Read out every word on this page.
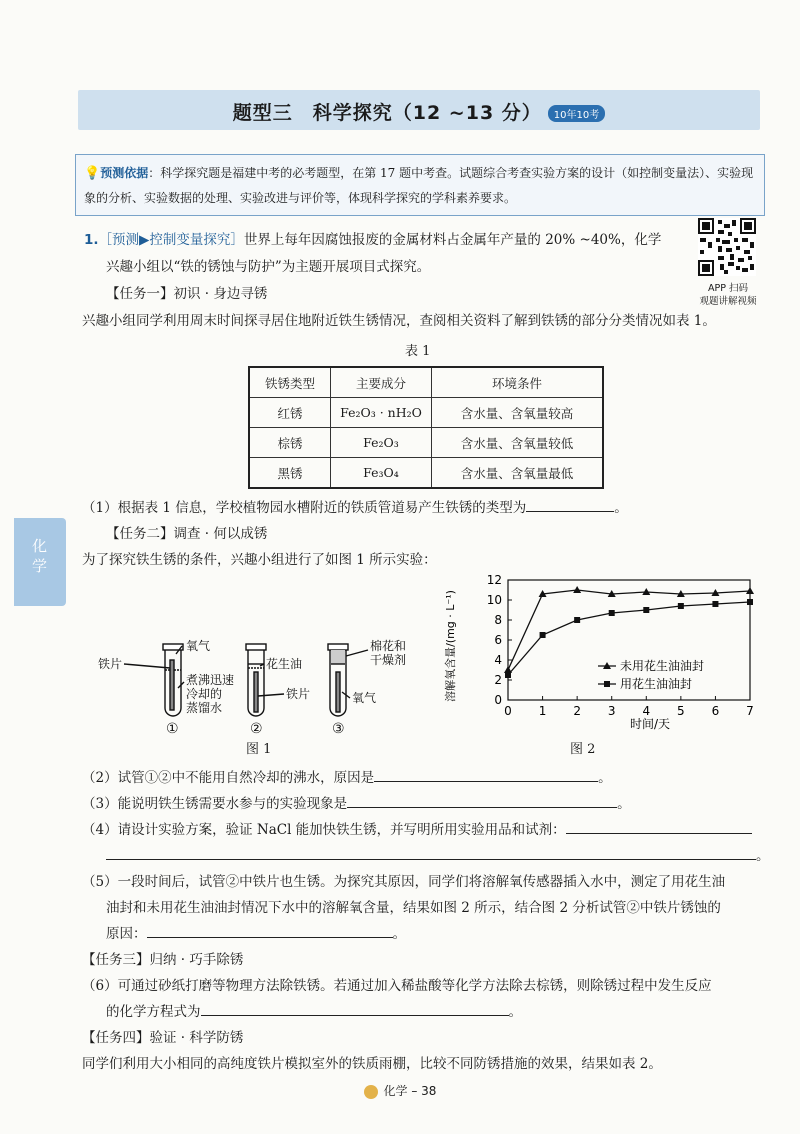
题型三　科学探究（12 ~13 分） 10年10考
💡预测依据：科学探究题是福建中考的必考题型，在第 17 题中考查。试题综合考查实验方案的设计（如控制变量法）、实验现
象的分析、实验数据的处理、实验改进与评价等，体现科学探究的学科素养要求。
APP 扫码
观题讲解视频
1.［预测▶控制变量探究］世界上每年因腐蚀报废的金属材料占金属年产量的 20% ~40%，化学
兴趣小组以“铁的锈蚀与防护”为主题开展项目式探究。
【任务一】初识 · 身边寻锈
兴趣小组同学利用周末时间探寻居住地附近铁生锈情况，查阅相关资料了解到铁锈的部分分类情况如表 1。
表 1
铁锈类型	主要成分	环境条件
红锈	Fe₂O₃ · nH₂O	含水量、含氧量较高
棕锈	Fe₂O₃	含水量、含氧量较低
黑锈	Fe₃O₄	含水量、含氧量最低
（1）根据表 1 信息，学校植物园水槽附近的铁质管道易产生铁锈的类型为	。
化学
【任务二】调查 · 何以成锈
为了探究铁生锈的条件，兴趣小组进行了如图 1 所示实验：
铁片
氧气
煮沸迅速
冷却的
蒸馏水
花生油
铁片
棉花和
干燥剂
氧气
①	②	③
图 1
0
2
4
6
8
10
12
0 1 2 3 4 5 6 7
时间/天
溶解氧含量/(mg · L⁻¹)	未用花生油油封
用花生油油封
图 2
（2）试管①②中不能用自然冷却的沸水，原因是	。
（3）能说明铁生锈需要水参与的实验现象是	。
（4）请设计实验方案，验证 NaCl 能加快铁生锈，并写明所用实验用品和试剂：
。
（5）一段时间后，试管②中铁片也生锈。为探究其原因，同学们将溶解氧传感器插入水中，测定了用花生油
油封和未用花生油油封情况下水中的溶解氧含量，结果如图 2 所示，结合图 2 分析试管②中铁片锈蚀的
原因：	。
【任务三】归纳 · 巧手除锈
（6）可通过砂纸打磨等物理方法除铁锈。若通过加入稀盐酸等化学方法除去棕锈，则除锈过程中发生反应
的化学方程式为	。
【任务四】验证 · 科学防锈
同学们利用大小相同的高纯度铁片模拟室外的铁质雨棚，比较不同防锈措施的效果，结果如表 2。
化学 – 38
